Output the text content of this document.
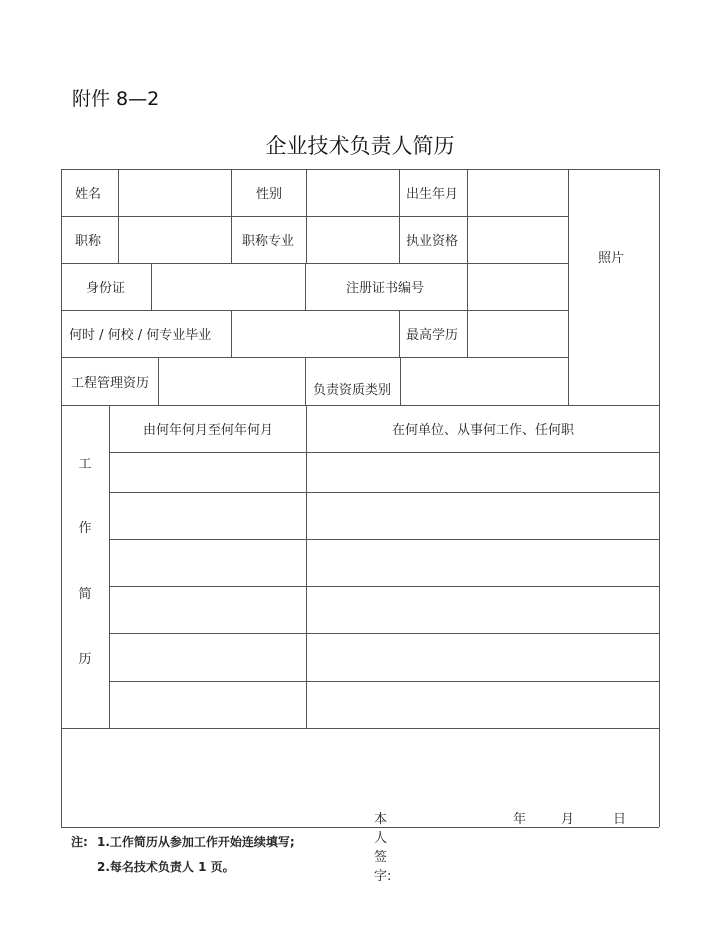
附件 8—2
企业技术负责人简历
姓名	性别	出生年月
照片
职称	职称专业	执业资格
身份证	注册证书编号
何时 / 何校 / 何专业毕业	最高学历
工程管理资历	负责资质类别
工
作
简
历
由何年何月至何年何月	在何单位、从事何工作、任何职
本人签字:
年	月	日
注: 1.工作简历从参加工作开始连续填写;
2.每名技术负责人 1 页。
